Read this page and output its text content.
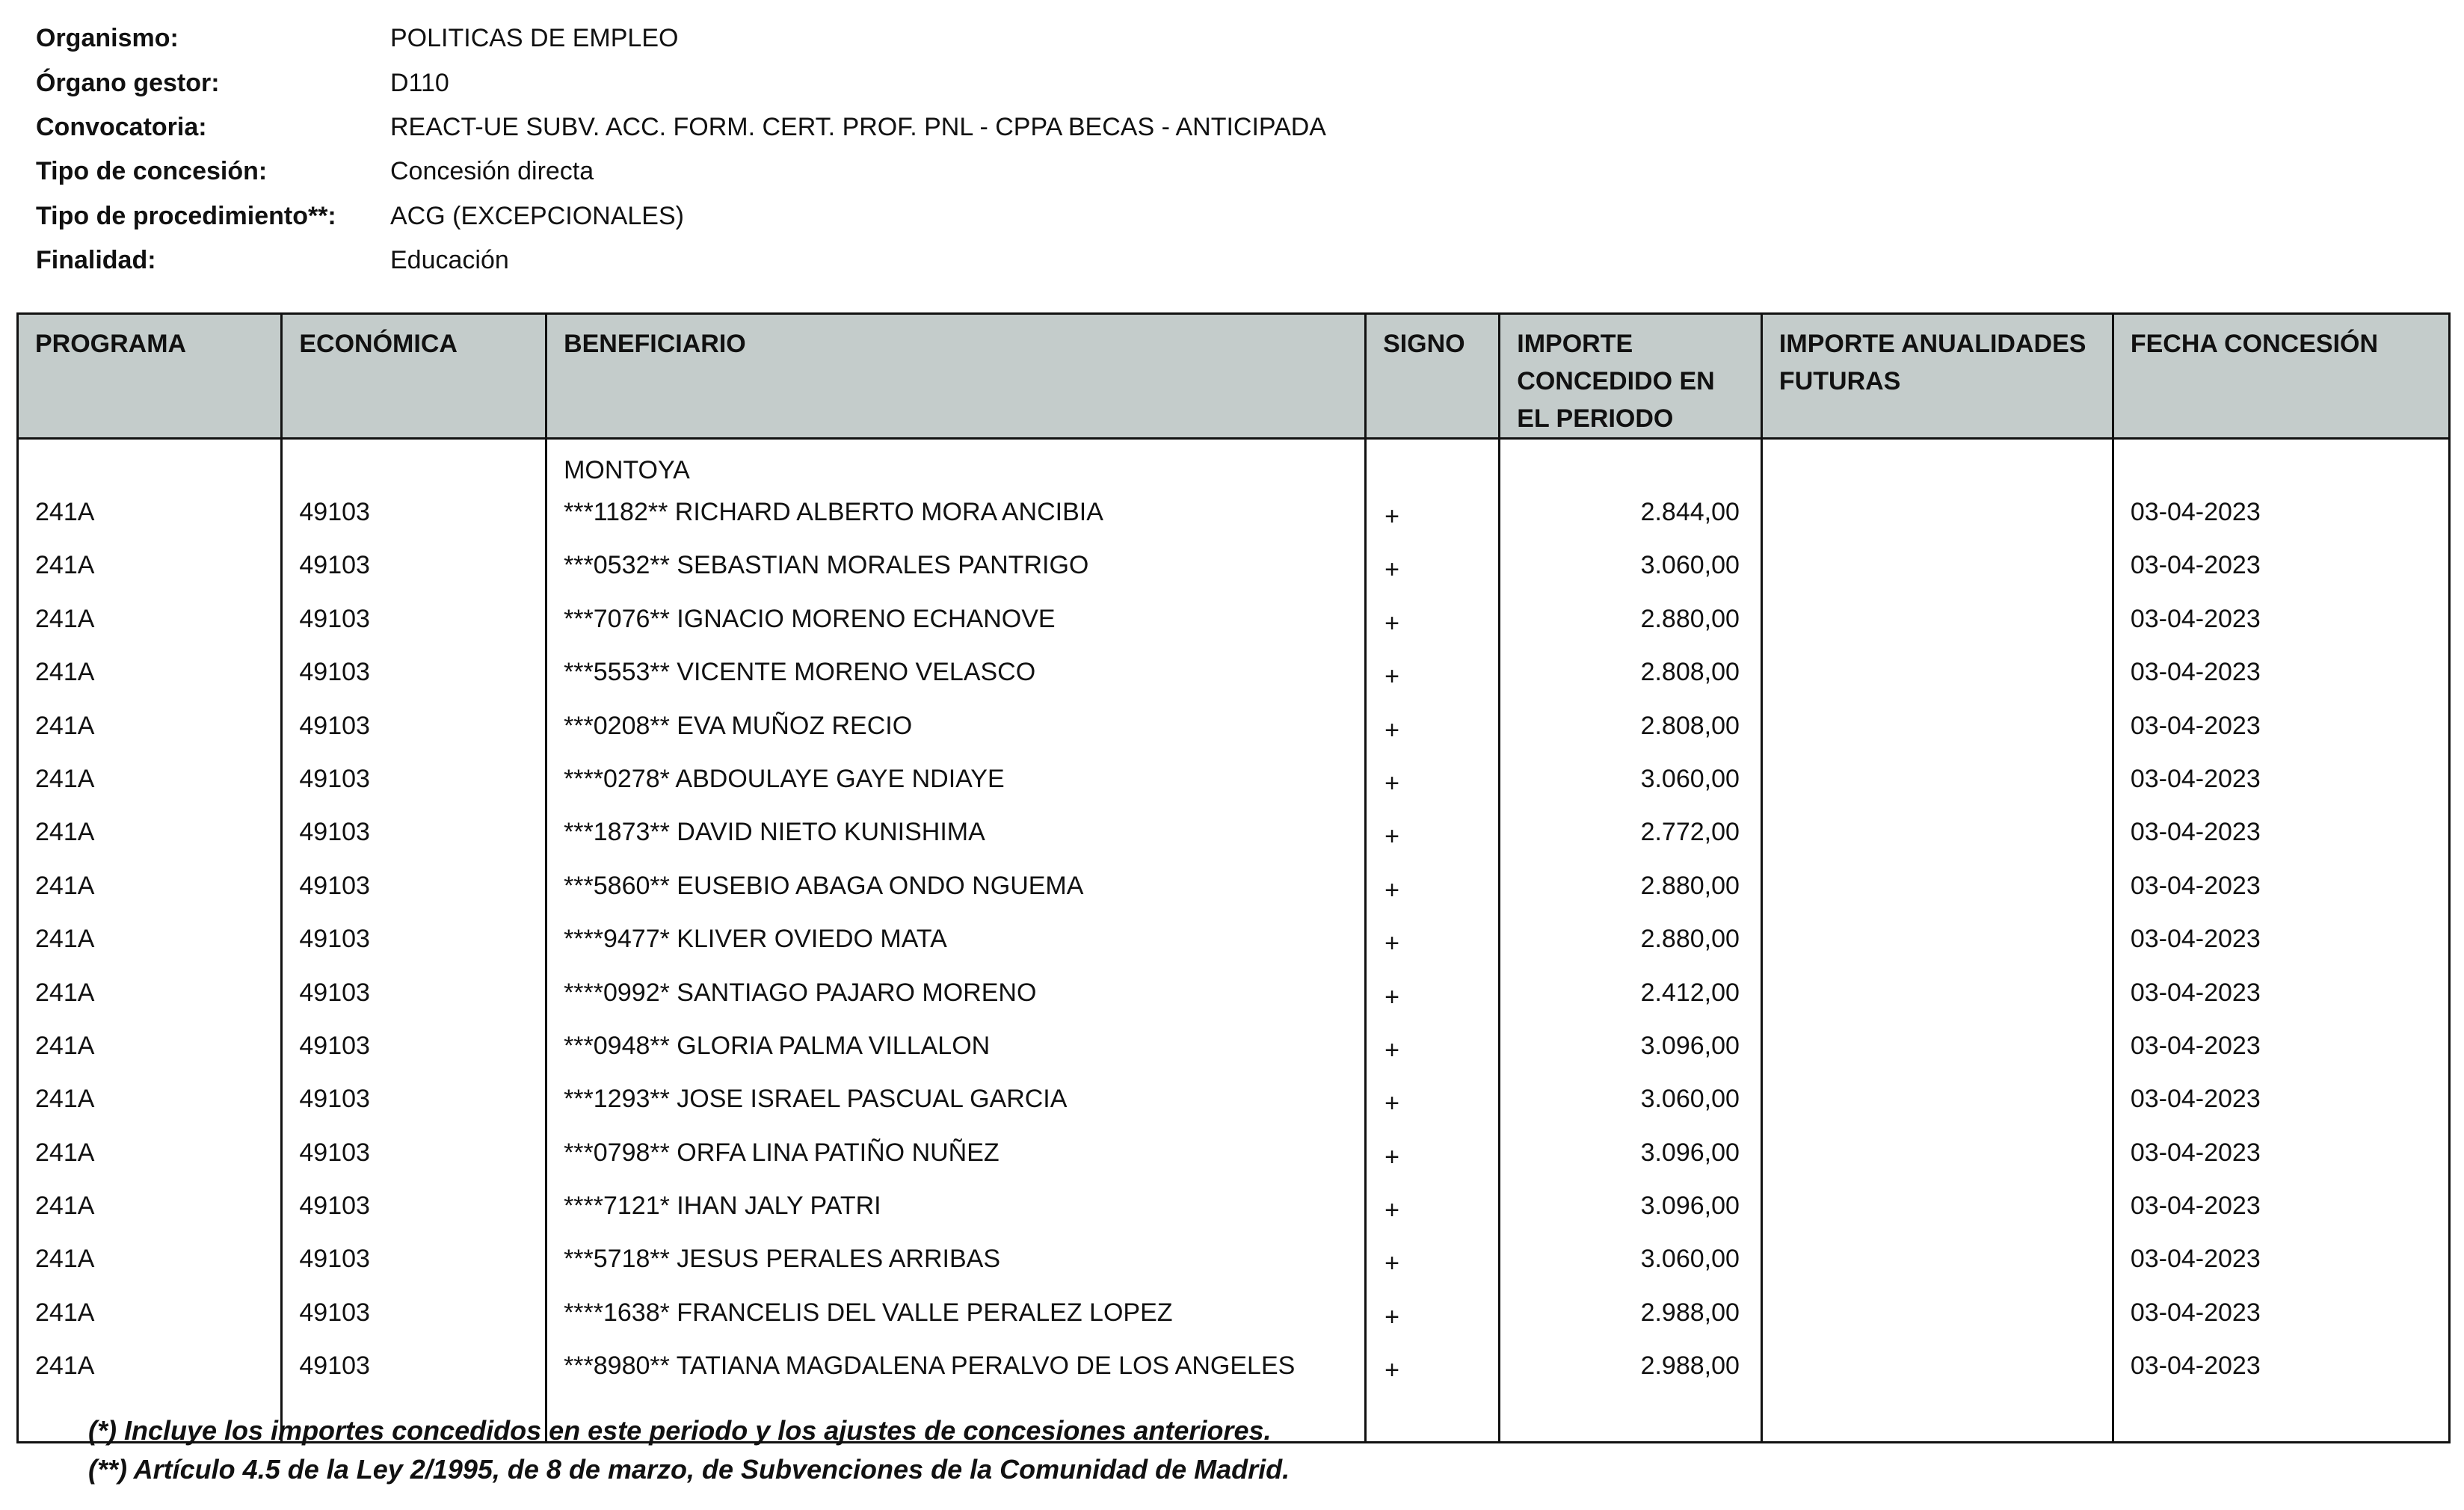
Organismo:	POLITICAS DE EMPLEO
Órgano gestor:	D110
Convocatoria:	REACT-UE SUBV. ACC. FORM. CERT. PROF. PNL - CPPA BECAS - ANTICIPADA
Tipo de concesión:	Concesión directa
Tipo de procedimiento**:	ACG (EXCEPCIONALES)
Finalidad:	Educación
PROGRAMA	ECONÓMICA	BENEFICIARIO	SIGNO	IMPORTE CONCEDIDO EN EL PERIODO	IMPORTE ANUALIDADES FUTURAS	FECHA CONCESIÓN
		MONTOYA				
241A	49103	***1182** RICHARD ALBERTO MORA ANCIBIA	+	2.844,00		03-04-2023
241A	49103	***0532** SEBASTIAN MORALES PANTRIGO	+	3.060,00		03-04-2023
241A	49103	***7076** IGNACIO MORENO ECHANOVE	+	2.880,00		03-04-2023
241A	49103	***5553** VICENTE MORENO VELASCO	+	2.808,00		03-04-2023
241A	49103	***0208** EVA MUÑOZ RECIO	+	2.808,00		03-04-2023
241A	49103	****0278* ABDOULAYE GAYE NDIAYE	+	3.060,00		03-04-2023
241A	49103	***1873** DAVID NIETO KUNISHIMA	+	2.772,00		03-04-2023
241A	49103	***5860** EUSEBIO ABAGA ONDO NGUEMA	+	2.880,00		03-04-2023
241A	49103	****9477* KLIVER OVIEDO MATA	+	2.880,00		03-04-2023
241A	49103	****0992* SANTIAGO PAJARO MORENO	+	2.412,00		03-04-2023
241A	49103	***0948** GLORIA PALMA VILLALON	+	3.096,00		03-04-2023
241A	49103	***1293** JOSE ISRAEL PASCUAL GARCIA	+	3.060,00		03-04-2023
241A	49103	***0798** ORFA LINA PATIÑO NUÑEZ	+	3.096,00		03-04-2023
241A	49103	****7121* IHAN JALY PATRI	+	3.096,00		03-04-2023
241A	49103	***5718** JESUS PERALES ARRIBAS	+	3.060,00		03-04-2023
241A	49103	****1638* FRANCELIS DEL VALLE PERALEZ LOPEZ	+	2.988,00		03-04-2023
241A	49103	***8980** TATIANA MAGDALENA PERALVO DE LOS ANGELES	+	2.988,00		03-04-2023
(*) Incluye los importes concedidos en este periodo y los ajustes de concesiones anteriores.
(**) Artículo 4.5 de la Ley 2/1995, de 8 de marzo, de Subvenciones de la Comunidad de Madrid.
